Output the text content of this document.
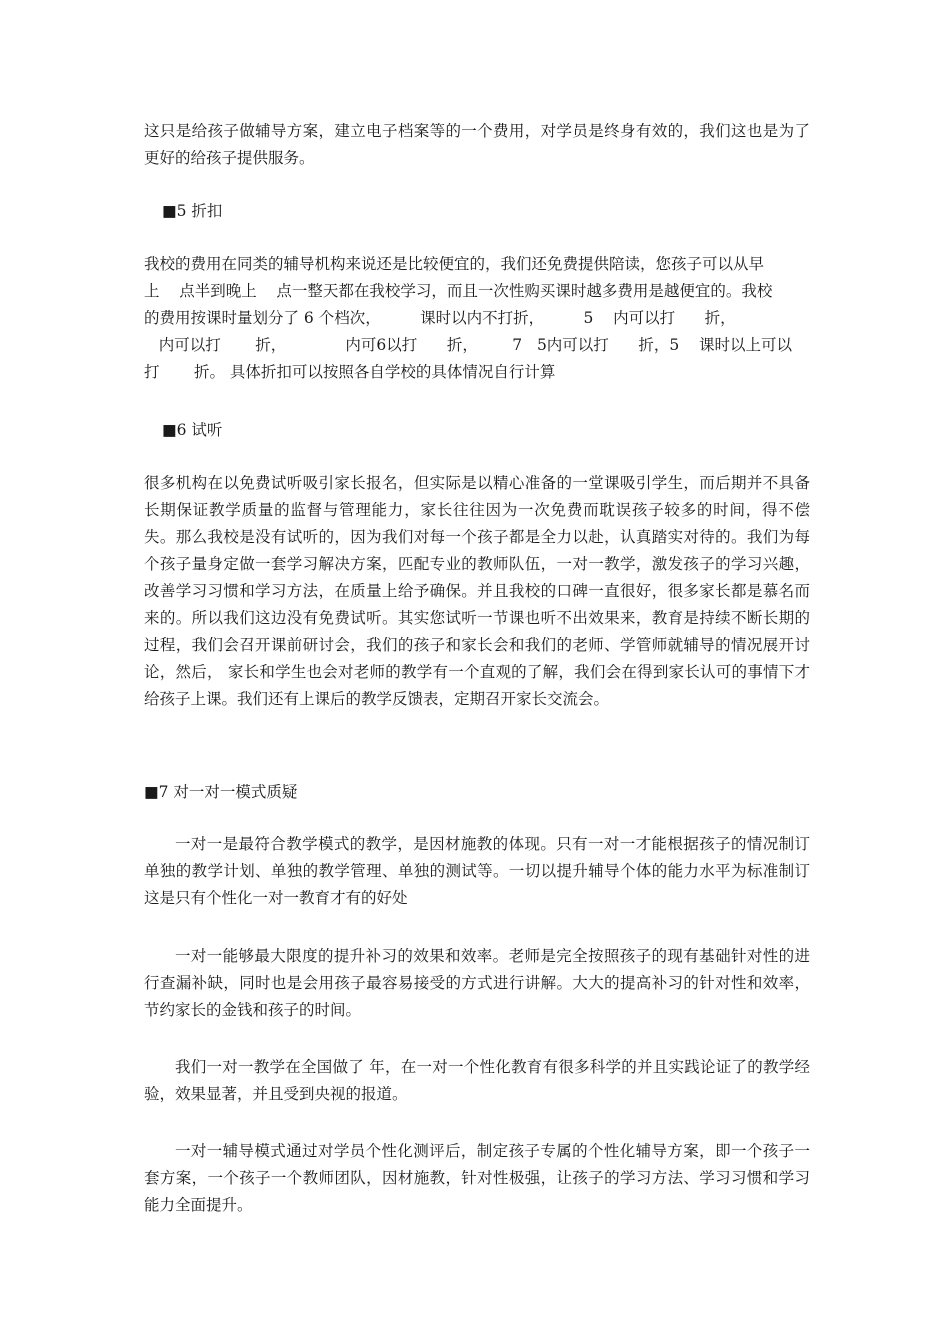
这只是给孩子做辅导方案，建立电子档案等的一个费用，对学员是终身有效的，我们这也是为了更好的给孩子提供服务。

■5 折扣

我校的费用在同类的辅导机构来说还是比较便宜的，我们还免费提供陪读，您孩子可以从早
上    点半到晚上    点一整天都在我校学习，而且一次性购买课时越多费用是越便宜的。我校
的费用按课时量划分了 6 个档次，        课时以内不打折，        5    内可以打      折，
内可以打       折，            内可6以打      折，       7   5内可以打      折，5    课时以上可以
打       折。 具体折扣可以按照各自学校的具体情况自行计算

■6 试听

很多机构在以免费试听吸引家长报名，但实际是以精心准备的一堂课吸引学生，而后期并不具备长期保证教学质量的监督与管理能力，家长往往因为一次免费而耽误孩子较多的时间，得不偿失。那么我校是没有试听的，因为我们对每一个孩子都是全力以赴，认真踏实对待的。我们为每个孩子量身定做一套学习解决方案，匹配专业的教师队伍，一对一教学，激发孩子的学习兴趣，改善学习习惯和学习方法，在质量上给予确保。并且我校的口碑一直很好，很多家长都是慕名而来的。所以我们这边没有免费试听。其实您试听一节课也听不出效果来，教育是持续不断长期的过程，我们会召开课前研讨会，我们的孩子和家长会和我们的老师、学管师就辅导的情况展开讨论，然后， 家长和学生也会对老师的教学有一个直观的了解，我们会在得到家长认可的事情下才给孩子上课。我们还有上课后的教学反馈表，定期召开家长交流会。

■7 对一对一模式质疑

一对一是最符合教学模式的教学，是因材施教的体现。只有一对一才能根据孩子的情况制订单独的教学计划、单独的教学管理、单独的测试等。一切以提升辅导个体的能力水平为标准制订 这是只有个性化一对一教育才有的好处

一对一能够最大限度的提升补习的效果和效率。老师是完全按照孩子的现有基础针对性的进行查漏补缺，同时也是会用孩子最容易接受的方式进行讲解。大大的提高补习的针对性和效率，节约家长的金钱和孩子的时间。

我们一对一教学在全国做了 年，在一对一个性化教育有很多科学的并且实践论证了的教学经验，效果显著，并且受到央视的报道。

一对一辅导模式通过对学员个性化测评后，制定孩子专属的个性化辅导方案，即一个孩子一套方案，一个孩子一个教师团队，因材施教，针对性极强，让孩子的学习方法、学习习惯和学习能力全面提升。
